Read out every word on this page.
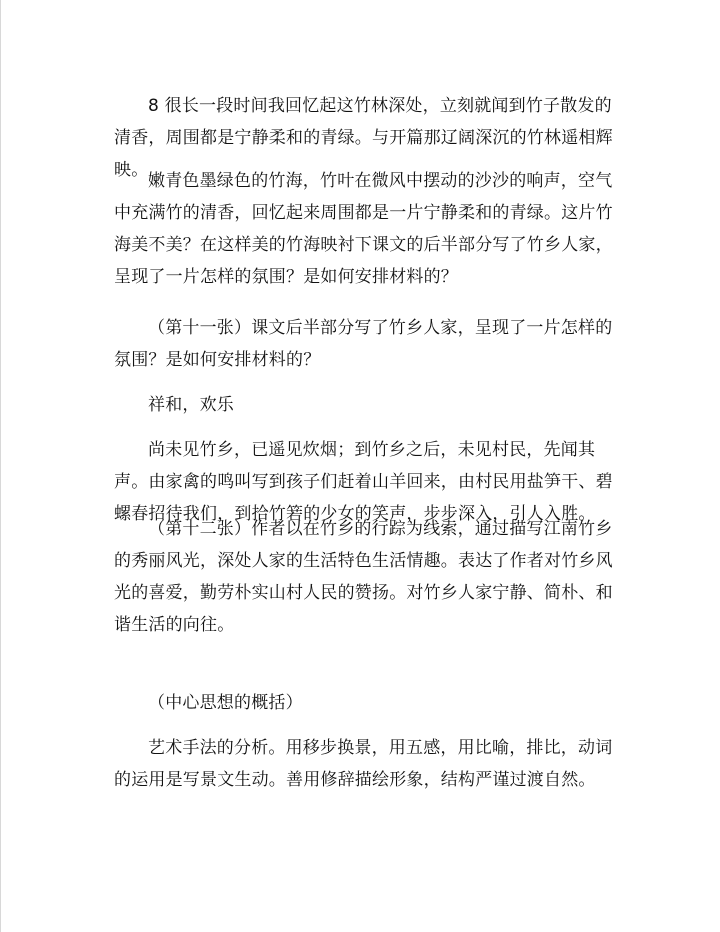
8 很长一段时间我回忆起这竹林深处，立刻就闻到竹子散发的清香，周围都是宁静柔和的青绿。与开篇那辽阔深沉的竹林遥相辉映。

嫩青色墨绿色的竹海，竹叶在微风中摆动的沙沙的响声，空气中充满竹的清香，回忆起来周围都是一片宁静柔和的青绿。这片竹海美不美？在这样美的竹海映衬下课文的后半部分写了竹乡人家，呈现了一片怎样的氛围？是如何安排材料的？

（第十一张）课文后半部分写了竹乡人家，呈现了一片怎样的氛围？是如何安排材料的？

祥和，欢乐

尚未见竹乡，已遥见炊烟；到竹乡之后，未见村民，先闻其声。由家禽的鸣叫写到孩子们赶着山羊回来，由村民用盐笋干、碧螺春招待我们，到拾竹箬的少女的笑声，步步深入，引人入胜。

（第十二张）作者以在竹乡的行踪为线索，通过描写江南竹乡的秀丽风光，深处人家的生活特色生活情趣。表达了作者对竹乡风光的喜爱，勤劳朴实山村人民的赞扬。对竹乡人家宁静、简朴、和谐生活的向往。

（中心思想的概括）

艺术手法的分析。用移步换景，用五感，用比喻，排比，动词的运用是写景文生动。善用修辞描绘形象，结构严谨过渡自然。
